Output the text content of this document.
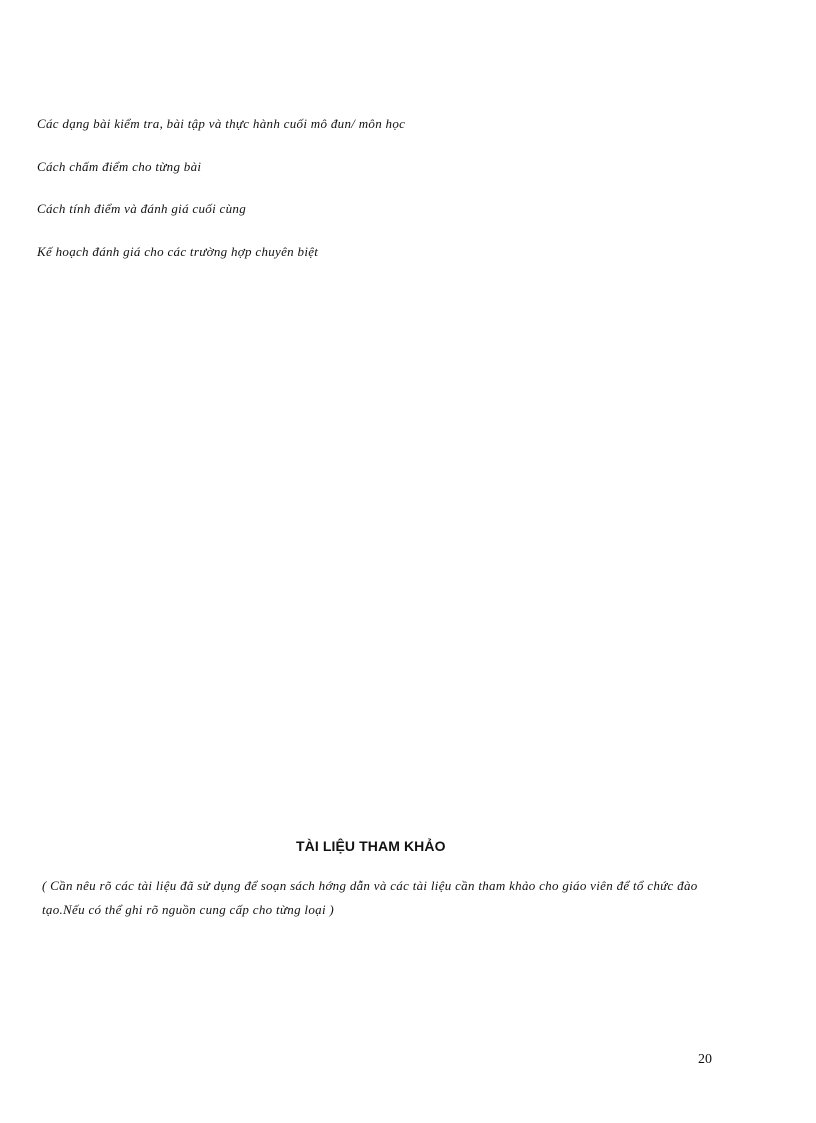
Các dạng bài kiểm tra, bài tập và thực hành cuối mô đun/ môn học
Cách chấm điểm cho từng bài
Cách tính điểm và đánh giá cuối cùng
Kế hoạch đánh giá cho các trường hợp chuyên biệt
TÀI LIỆU THAM KHẢO
( Cần nêu rõ các tài liệu đã sử dụng để soạn sách hớng dẫn và các tài liệu cần tham khảo cho giáo viên để tổ chức đào tạo.Nếu có thể ghi rõ nguồn cung cấp cho từng loại )
20
